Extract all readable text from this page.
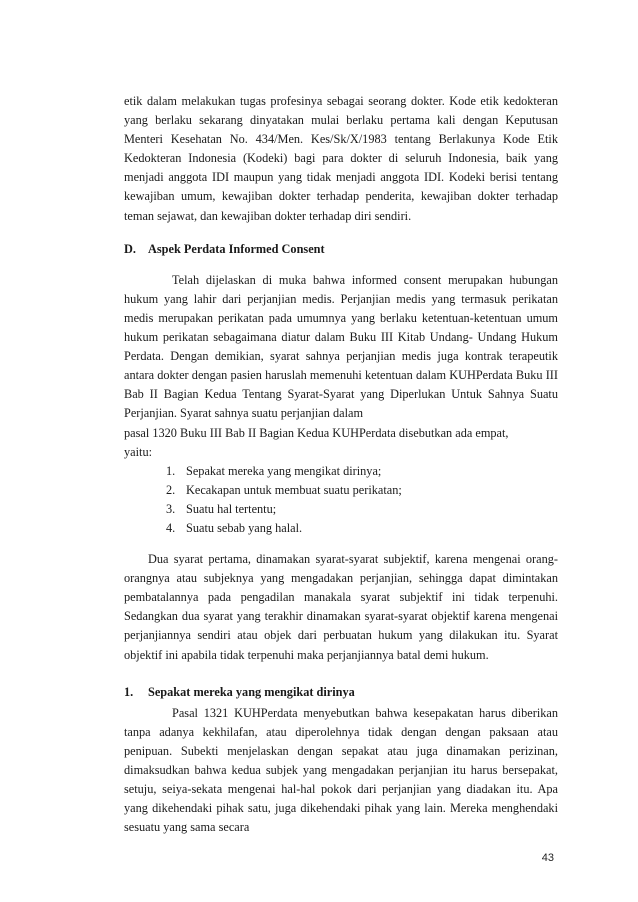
etik dalam melakukan tugas profesinya sebagai seorang dokter. Kode etik kedokteran yang berlaku sekarang dinyatakan mulai berlaku pertama kali dengan Keputusan Menteri Kesehatan No. 434/Men. Kes/Sk/X/1983 tentang Berlakunya Kode Etik Kedokteran Indonesia (Kodeki) bagi para dokter di seluruh Indonesia, baik yang menjadi anggota IDI maupun yang tidak menjadi anggota IDI. Kodeki berisi tentang kewajiban umum, kewajiban dokter terhadap penderita, kewajiban dokter terhadap teman sejawat, dan kewajiban dokter terhadap diri sendiri.

D. Aspek Perdata Informed Consent

Telah dijelaskan di muka bahwa informed consent merupakan hubungan hukum yang lahir dari perjanjian medis. Perjanjian medis yang termasuk perikatan medis merupakan perikatan pada umumnya yang berlaku ketentuan-ketentuan umum hukum perikatan sebagaimana diatur dalam Buku III Kitab Undang- Undang Hukum Perdata. Dengan demikian, syarat sahnya perjanjian medis juga kontrak terapeutik antara dokter dengan pasien haruslah memenuhi ketentuan dalam KUHPerdata Buku III Bab II Bagian Kedua Tentang Syarat-Syarat yang Diperlukan Untuk Sahnya Suatu Perjanjian. Syarat sahnya suatu perjanjian dalam

pasal 1320 Buku III Bab II Bagian Kedua KUHPerdata disebutkan ada empat,

yaitu:

1. Sepakat mereka yang mengikat dirinya;
2. Kecakapan untuk membuat suatu perikatan;
3. Suatu hal tertentu;
4. Suatu sebab yang halal.

Dua syarat pertama, dinamakan syarat-syarat subjektif, karena mengenai orang-orangnya atau subjeknya yang mengadakan perjanjian, sehingga dapat dimintakan pembatalannya pada pengadilan manakala syarat subjektif ini tidak terpenuhi. Sedangkan dua syarat yang terakhir dinamakan syarat-syarat objektif karena mengenai perjanjiannya sendiri atau objek dari perbuatan hukum yang dilakukan itu. Syarat objektif ini apabila tidak terpenuhi maka perjanjiannya batal demi hukum.

1.	Sepakat mereka yang mengikat dirinya

Pasal 1321 KUHPerdata menyebutkan bahwa kesepakatan harus diberikan tanpa adanya kekhilafan, atau diperolehnya tidak dengan dengan paksaan atau penipuan. Subekti menjelaskan dengan sepakat atau juga dinamakan perizinan, dimaksudkan bahwa kedua subjek yang mengadakan perjanjian itu harus bersepakat, setuju, seiya-sekata mengenai hal-hal pokok dari perjanjian yang diadakan itu. Apa yang dikehendaki pihak satu, juga dikehendaki pihak yang lain. Mereka menghendaki sesuatu yang sama secara

43
